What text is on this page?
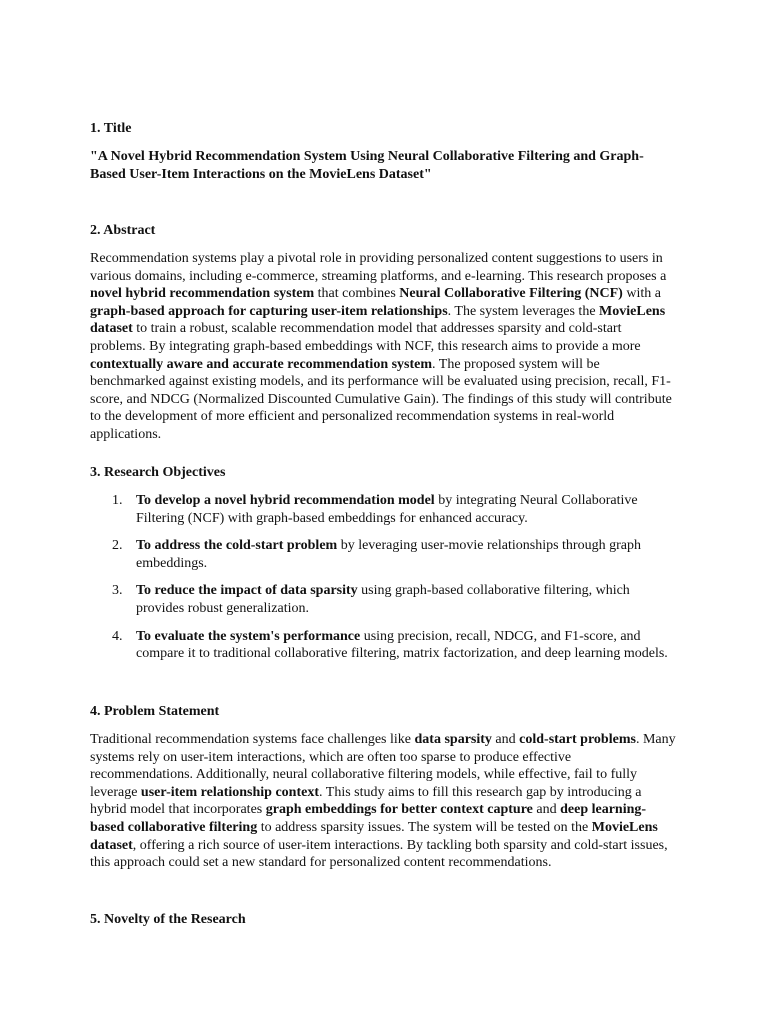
1. Title

"A Novel Hybrid Recommendation System Using Neural Collaborative Filtering and Graph-Based User-Item Interactions on the MovieLens Dataset"

2. Abstract

Recommendation systems play a pivotal role in providing personalized content suggestions to users in various domains, including e-commerce, streaming platforms, and e-learning. This research proposes a novel hybrid recommendation system that combines Neural Collaborative Filtering (NCF) with a graph-based approach for capturing user-item relationships. The system leverages the MovieLens dataset to train a robust, scalable recommendation model that addresses sparsity and cold-start problems. By integrating graph-based embeddings with NCF, this research aims to provide a more contextually aware and accurate recommendation system. The proposed system will be benchmarked against existing models, and its performance will be evaluated using precision, recall, F1-score, and NDCG (Normalized Discounted Cumulative Gain). The findings of this study will contribute to the development of more efficient and personalized recommendation systems in real-world applications.

3. Research Objectives
1. To develop a novel hybrid recommendation model by integrating Neural Collaborative Filtering (NCF) with graph-based embeddings for enhanced accuracy.
2. To address the cold-start problem by leveraging user-movie relationships through graph embeddings.
3. To reduce the impact of data sparsity using graph-based collaborative filtering, which provides robust generalization.
4. To evaluate the system's performance using precision, recall, NDCG, and F1-score, and compare it to traditional collaborative filtering, matrix factorization, and deep learning models.
4. Problem Statement

Traditional recommendation systems face challenges like data sparsity and cold-start problems. Many systems rely on user-item interactions, which are often too sparse to produce effective recommendations. Additionally, neural collaborative filtering models, while effective, fail to fully leverage user-item relationship context. This study aims to fill this research gap by introducing a hybrid model that incorporates graph embeddings for better context capture and deep learning-based collaborative filtering to address sparsity issues. The system will be tested on the MovieLens dataset, offering a rich source of user-item interactions. By tackling both sparsity and cold-start issues, this approach could set a new standard for personalized content recommendations.

5. Novelty of the Research
